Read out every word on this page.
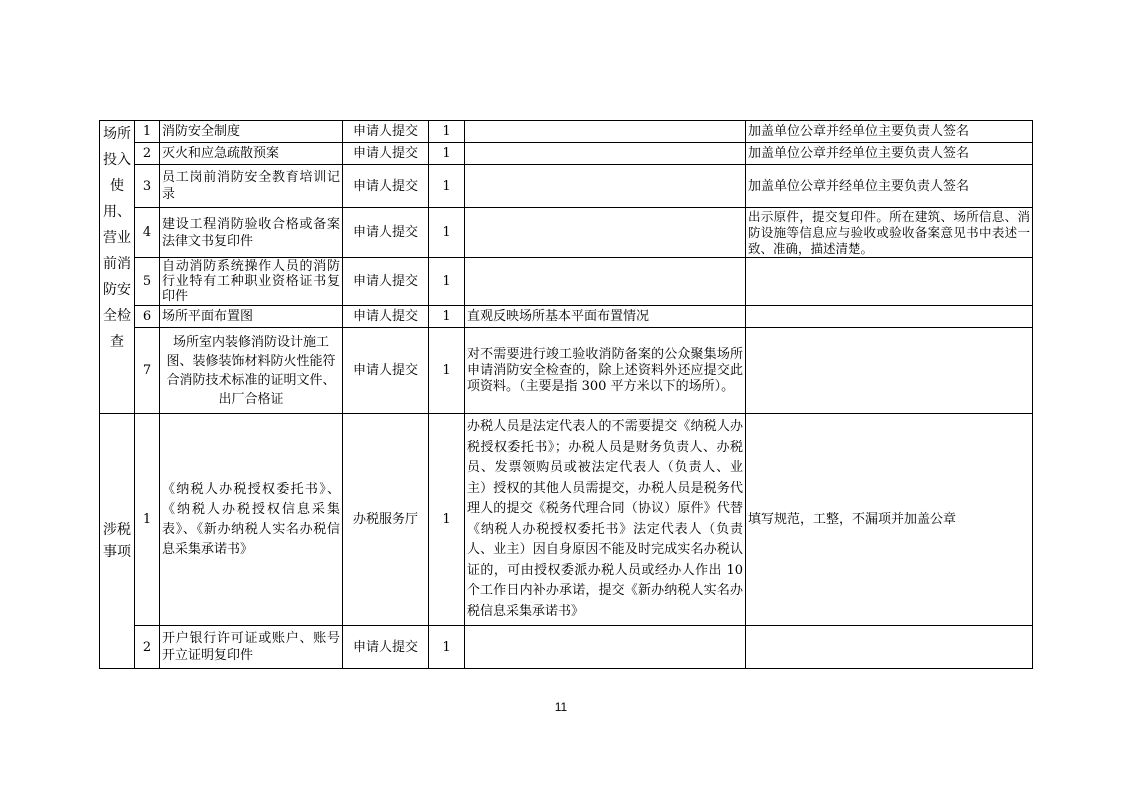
场所投入使用、营业前消防安全检查	1	消防安全制度	申请人提交	1		加盖单位公章并经单位主要负责人签名
	2	灭火和应急疏散预案	申请人提交	1		加盖单位公章并经单位主要负责人签名
	3	员工岗前消防安全教育培训记录	申请人提交	1		加盖单位公章并经单位主要负责人签名
	4	建设工程消防验收合格或备案法律文书复印件	申请人提交	1		出示原件，提交复印件。所在建筑、场所信息、消防设施等信息应与验收或验收备案意见书中表述一致、准确，描述清楚。
	5	自动消防系统操作人员的消防行业特有工种职业资格证书复印件	申请人提交	1		
	6	场所平面布置图	申请人提交	1	直观反映场所基本平面布置情况	
	7	场所室内装修消防设计施工图、装修装饰材料防火性能符合消防技术标准的证明文件、出厂合格证	申请人提交	1	对不需要进行竣工验收消防备案的公众聚集场所申请消防安全检查的，除上述资料外还应提交此项资料。（主要是指 300 平方米以下的场所）。	
涉税事项	1	《纳税人办税授权委托书》、《纳税人办税授权信息采集表》、《新办纳税人实名办税信息采集承诺书》	办税服务厅	1	办税人员是法定代表人的不需要提交《纳税人办税授权委托书》；办税人员是财务负责人、办税员、发票领购员或被法定代表人（负责人、业主）授权的其他人员需提交，办税人员是税务代理人的提交《税务代理合同（协议）原件》代替《纳税人办税授权委托书》法定代表人（负责人、业主）因自身原因不能及时完成实名办税认证的，可由授权委派办税人员或经办人作出 10 个工作日内补办承诺，提交《新办纳税人实名办税信息采集承诺书》	填写规范，工整，不漏项并加盖公章
	2	开户银行许可证或账户、账号开立证明复印件	申请人提交	1		
11
